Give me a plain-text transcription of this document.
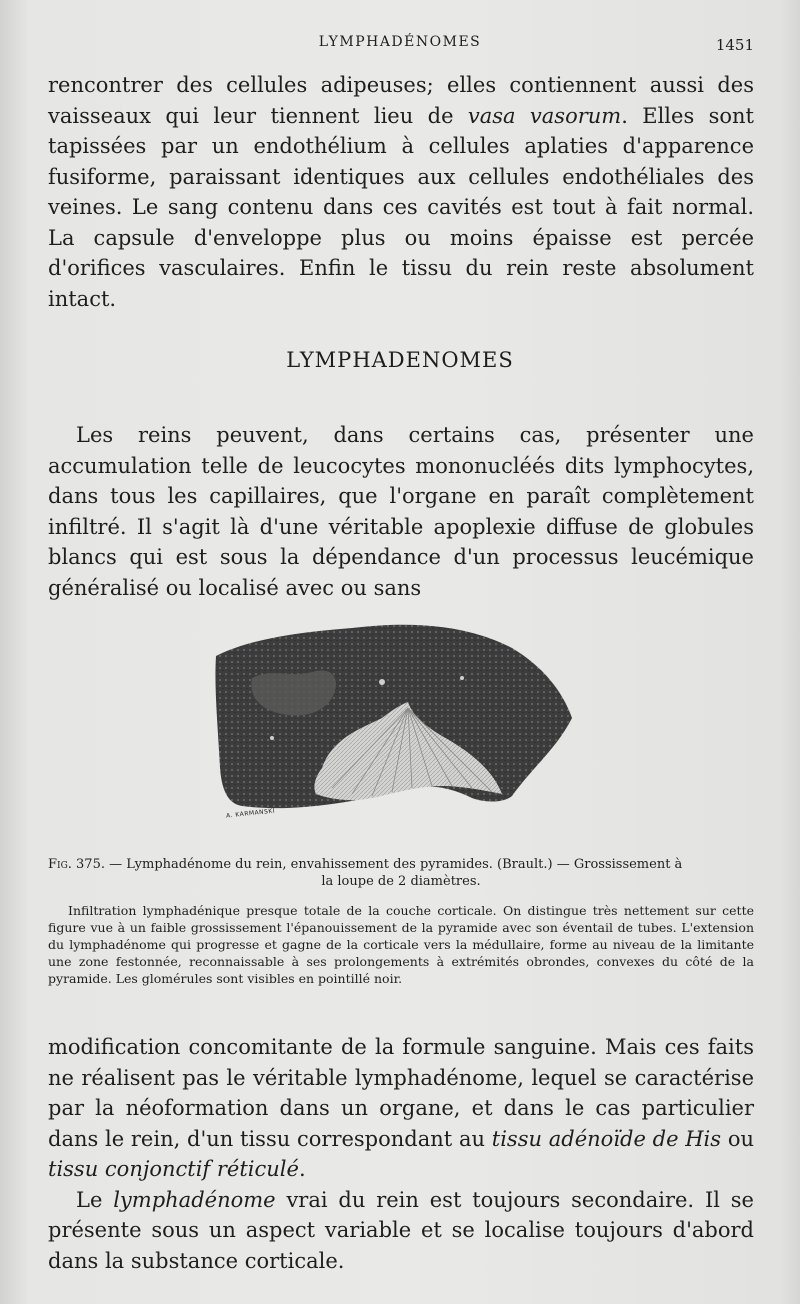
LYMPHADÉNOMES	1451

rencontrer des cellules adipeuses; elles contiennent aussi des vaisseaux qui leur tiennent lieu de vasa vasorum. Elles sont tapissées par un endothélium à cellules aplaties d'apparence fusiforme, paraissant identiques aux cellules endothéliales des veines. Le sang contenu dans ces cavités est tout à fait normal. La capsule d'enveloppe plus ou moins épaisse est percée d'orifices vasculaires. Enfin le tissu du rein reste absolument intact.

LYMPHADENOMES

Les reins peuvent, dans certains cas, présenter une accumulation telle de leucocytes mononucléés dits lymphocytes, dans tous les capillaires, que l'organe en paraît complètement infiltré. Il s'agit là d'une véritable apoplexie diffuse de globules blancs qui est sous la dépendance d'un processus leucémique généralisé ou localisé avec ou sans

A. KARMANSKI
Fig. 375. — Lymphadénome du rein, envahissement des pyramides. (Brault.) — Grossissement à
la loupe de 2 diamètres.
Infiltration lymphadénique presque totale de la couche corticale. On distingue très nettement sur cette figure vue à un faible grossissement l'épanouissement de la pyramide avec son éventail de tubes. L'extension du lymphadénome qui progresse et gagne de la corticale vers la médullaire, forme au niveau de la limitante une zone festonnée, reconnaissable à ses prolongements à extrémités obrondes, convexes du côté de la pyramide. Les glomérules sont visibles en pointillé noir.

modification concomitante de la formule sanguine. Mais ces faits ne réalisent pas le véritable lymphadénome, lequel se caractérise par la néoformation dans un organe, et dans le cas particulier dans le rein, d'un tissu correspondant au tissu adénoïde de His ou tissu conjonctif réticulé.

Le lymphadénome vrai du rein est toujours secondaire. Il se présente sous un aspect variable et se localise toujours d'abord dans la substance corticale.
